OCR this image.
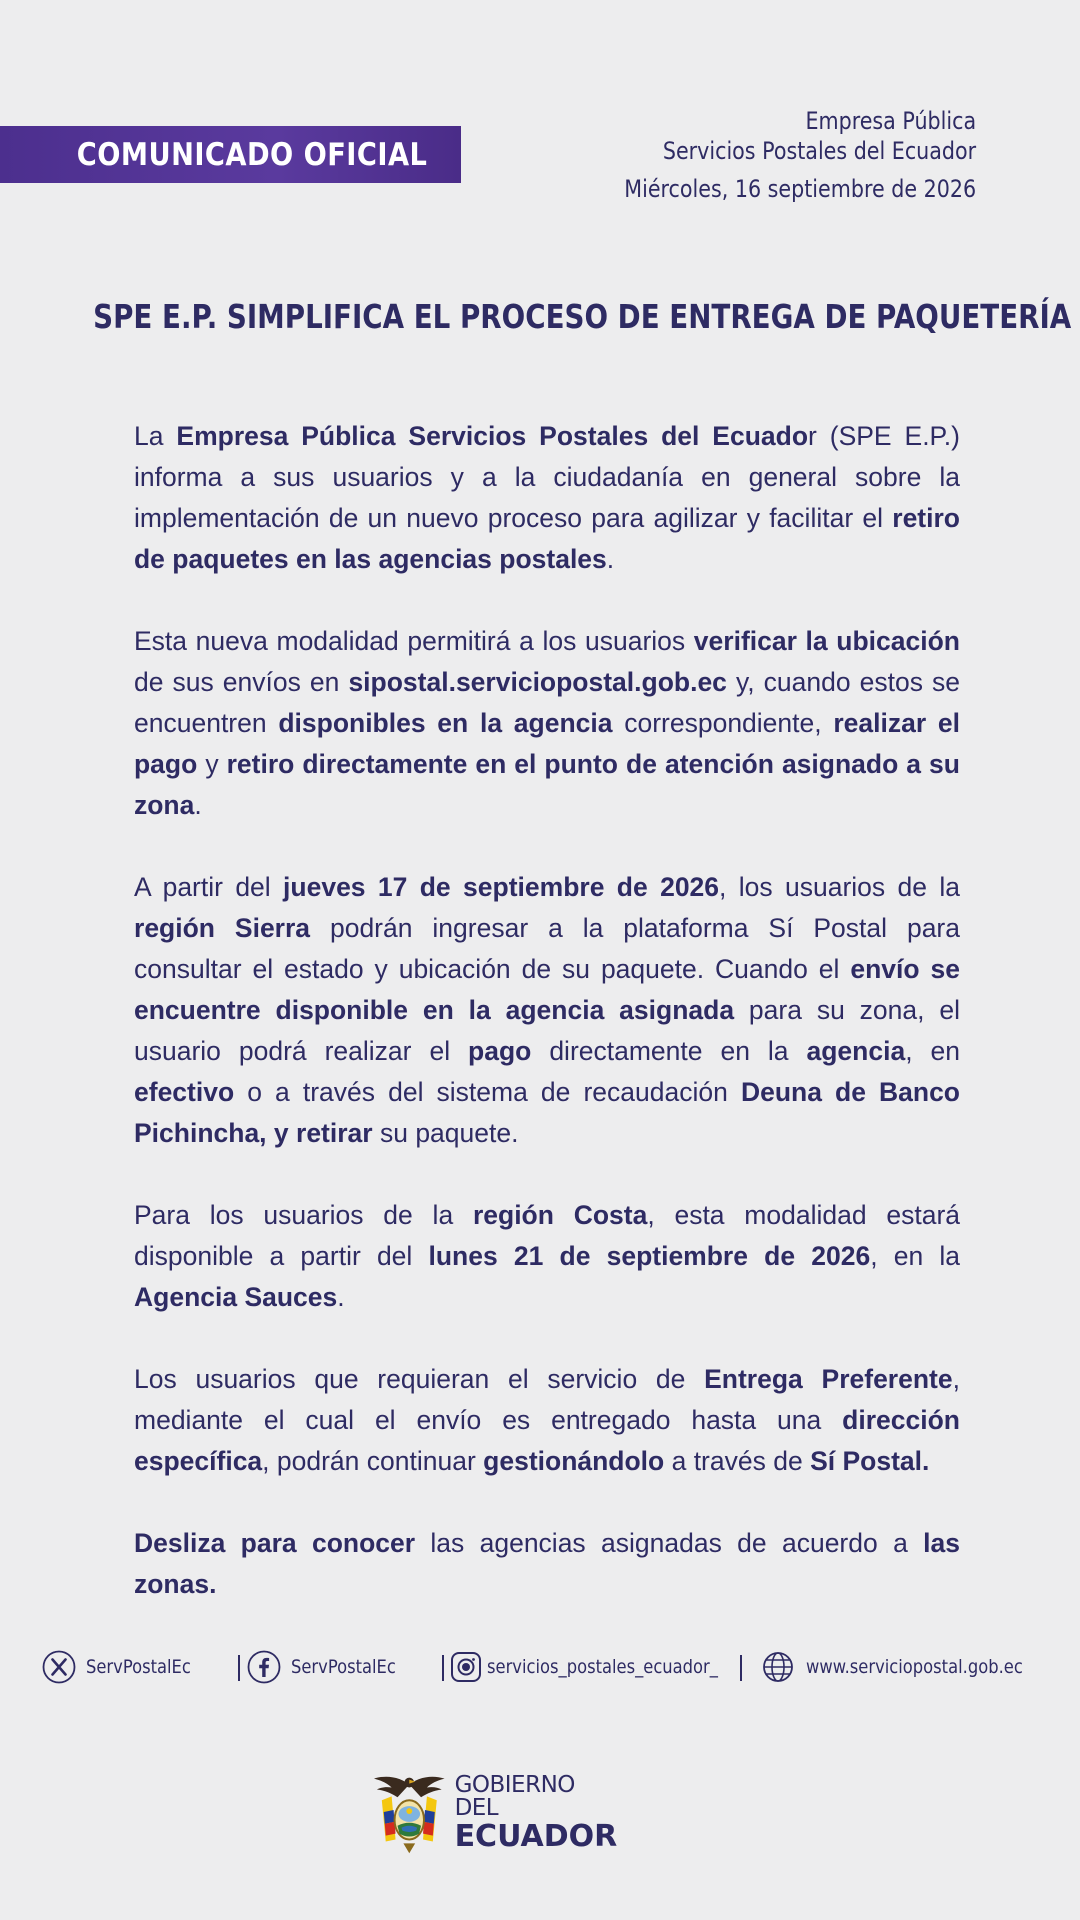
COMUNICADO OFICIAL
Empresa Pública
Servicios Postales del Ecuador
Miércoles, 16 septiembre de 2026
SPE E.P. SIMPLIFICA EL PROCESO DE ENTREGA DE PAQUETERÍA

La Empresa Pública Servicios Postales del Ecuador (SPE E.P.) informa a sus usuarios y a la ciudadanía en general sobre la implementación de un nuevo proceso para agilizar y facilitar el retiro de paquetes en las agencias postales.

Esta nueva modalidad permitirá a los usuarios verificar la ubicación de sus envíos en sipostal.serviciopostal.gob.ec y, cuando estos se encuentren disponibles en la agencia correspondiente, realizar el pago y retiro directamente en el punto de atención asignado a su zona.

A partir del jueves 17 de septiembre de 2026, los usuarios de la región Sierra podrán ingresar a la plataforma Sí Postal para consultar el estado y ubicación de su paquete. Cuando el envío se encuentre disponible en la agencia asignada para su zona, el usuario podrá realizar el pago directamente en la agencia, en efectivo o a través del sistema de recaudación Deuna de Banco Pichincha, y retirar su paquete.

Para los usuarios de la región Costa, esta modalidad estará disponible a partir del lunes 21 de septiembre de 2026, en la Agencia Sauces.

Los usuarios que requieran el servicio de Entrega Preferente, mediante el cual el envío es entregado hasta una dirección específica, podrán continuar gestionándolo a través de Sí Postal.

Desliza para conocer las agencias asignadas de acuerdo a las zonas.

ServPostalEc	ServPostalEc	servicios_postales_ecuador_	www.serviciopostal.gob.ec
GOBIERNO DEL
ECUADOR
